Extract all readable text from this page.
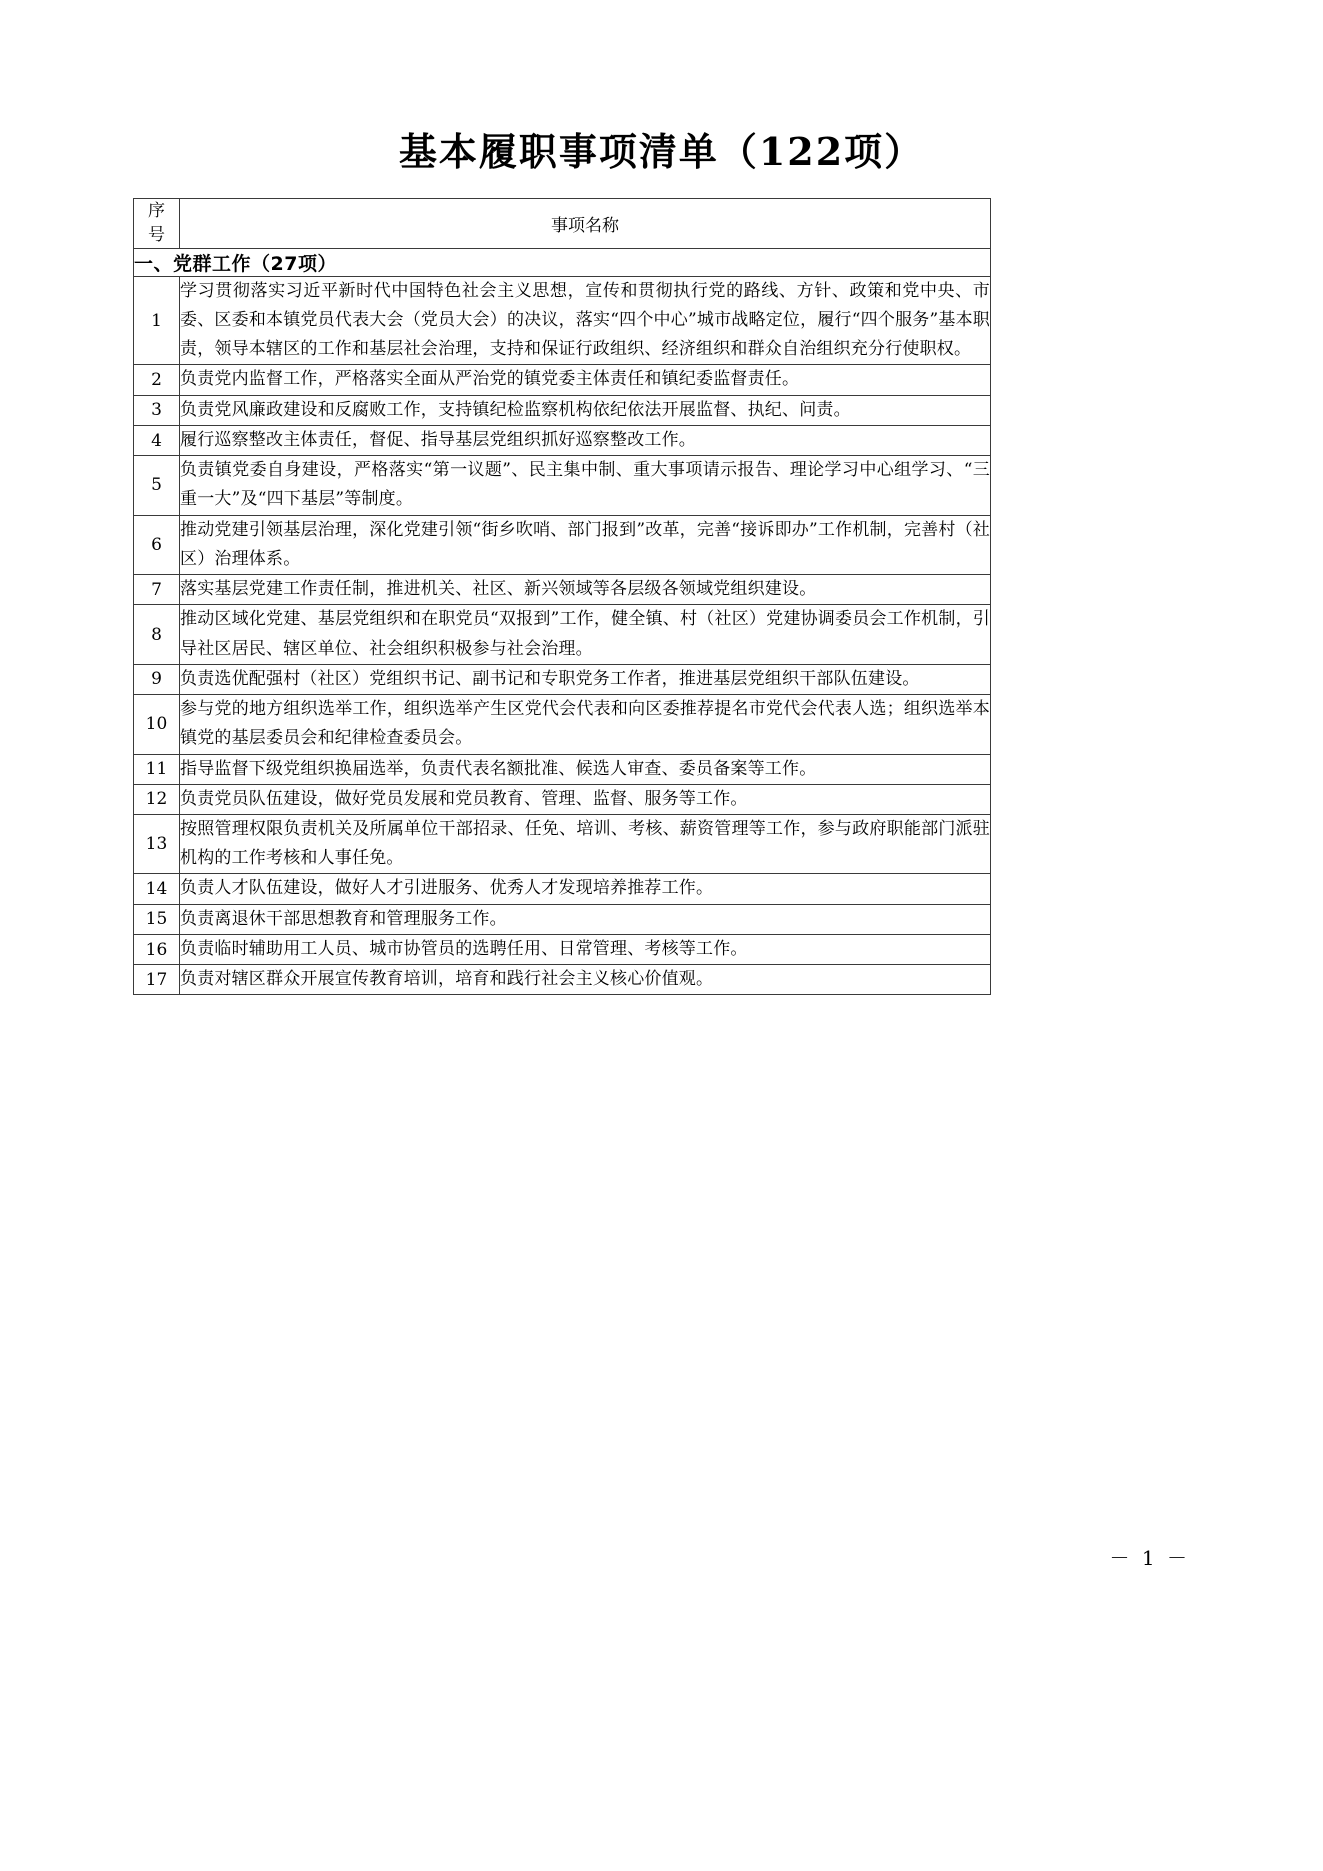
基本履职事项清单（122项）
序
号	事项名称
一、党群工作（27项）	
1	学习贯彻落实习近平新时代中国特色社会主义思想，宣传和贯彻执行党的路线、方针、政策和党中央、市委、区委和本镇党员代表大会（党员大会）的决议，落实“四个中心”城市战略定位，履行“四个服务”基本职责，领导本辖区的工作和基层社会治理，支持和保证行政组织、经济组织和群众自治组织充分行使职权。
2	负责党内监督工作，严格落实全面从严治党的镇党委主体责任和镇纪委监督责任。
3	负责党风廉政建设和反腐败工作，支持镇纪检监察机构依纪依法开展监督、执纪、问责。
4	履行巡察整改主体责任，督促、指导基层党组织抓好巡察整改工作。
5	负责镇党委自身建设，严格落实“第一议题”、民主集中制、重大事项请示报告、理论学习中心组学习、“三重一大”及“四下基层”等制度。
6	推动党建引领基层治理，深化党建引领“街乡吹哨、部门报到”改革，完善“接诉即办”工作机制，完善村（社区）治理体系。
7	落实基层党建工作责任制，推进机关、社区、新兴领域等各层级各领域党组织建设。
8	推动区域化党建、基层党组织和在职党员“双报到”工作，健全镇、村（社区）党建协调委员会工作机制，引导社区居民、辖区单位、社会组织积极参与社会治理。
9	负责选优配强村（社区）党组织书记、副书记和专职党务工作者，推进基层党组织干部队伍建设。
10	参与党的地方组织选举工作，组织选举产生区党代会代表和向区委推荐提名市党代会代表人选；组织选举本镇党的基层委员会和纪律检查委员会。
11	指导监督下级党组织换届选举，负责代表名额批准、候选人审查、委员备案等工作。
12	负责党员队伍建设，做好党员发展和党员教育、管理、监督、服务等工作。
13	按照管理权限负责机关及所属单位干部招录、任免、培训、考核、薪资管理等工作，参与政府职能部门派驻机构的工作考核和人事任免。
14	负责人才队伍建设，做好人才引进服务、优秀人才发现培养推荐工作。
15	负责离退休干部思想教育和管理服务工作。
16	负责临时辅助用工人员、城市协管员的选聘任用、日常管理、考核等工作。
17	负责对辖区群众开展宣传教育培训，培育和践行社会主义核心价值观。
－ 1 －
